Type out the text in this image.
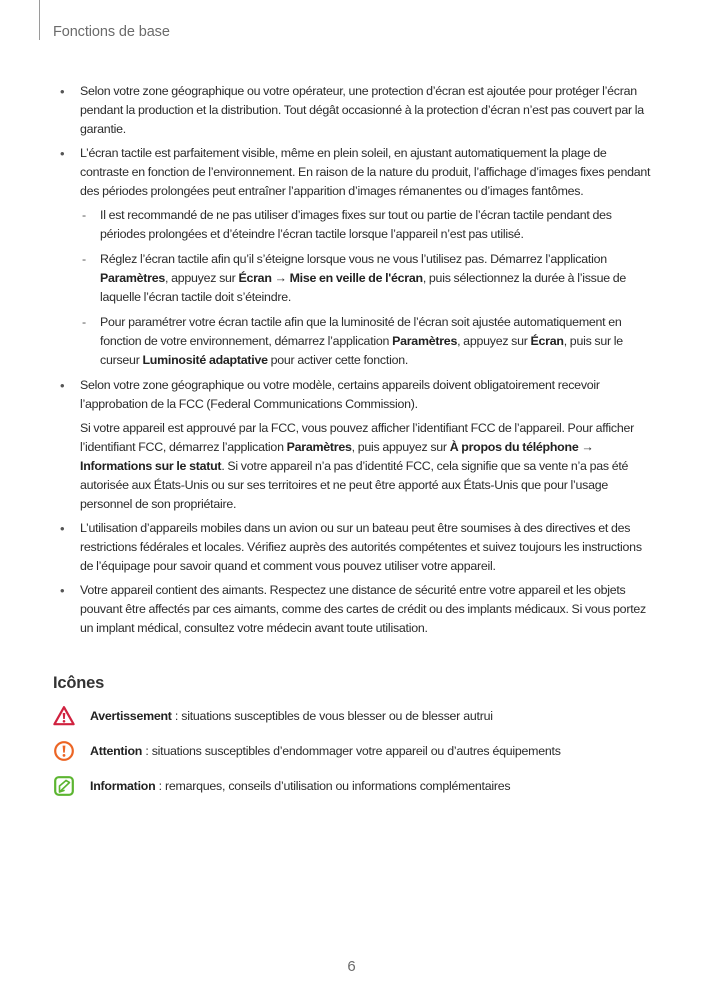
Fonctions de base
• Selon votre zone géographique ou votre opérateur, une protection d’écran est ajoutée pour protéger l’écran pendant la production et la distribution. Tout dégât occasionné à la protection d’écran n’est pas couvert par la garantie.

• L’écran tactile est parfaitement visible, même en plein soleil, en ajustant automatiquement la plage de contraste en fonction de l’environnement. En raison de la nature du produit, l’affichage d’images fixes pendant des périodes prolongées peut entraîner l’apparition d’images rémanentes ou d’images fantômes.

- Il est recommandé de ne pas utiliser d’images fixes sur tout ou partie de l’écran tactile pendant des périodes prolongées et d’éteindre l’écran tactile lorsque l’appareil n’est pas utilisé.

- Réglez l’écran tactile afin qu’il s’éteigne lorsque vous ne vous l’utilisez pas. Démarrez l’application Paramètres, appuyez sur Écran → Mise en veille de l'écran, puis sélectionnez la durée à l’issue de laquelle l’écran tactile doit s’éteindre.

- Pour paramétrer votre écran tactile afin que la luminosité de l’écran soit ajustée automatiquement en fonction de votre environnement, démarrez l’application Paramètres, appuyez sur Écran, puis sur le curseur Luminosité adaptative pour activer cette fonction.

• Selon votre zone géographique ou votre modèle, certains appareils doivent obligatoirement recevoir l’approbation de la FCC (Federal Communications Commission).

Si votre appareil est approuvé par la FCC, vous pouvez afficher l’identifiant FCC de l’appareil. Pour afficher l’identifiant FCC, démarrez l’application Paramètres, puis appuyez sur À propos du téléphone → Informations sur le statut. Si votre appareil n’a pas d’identité FCC, cela signifie que sa vente n’a pas été autorisée aux États-Unis ou sur ses territoires et ne peut être apporté aux États-Unis que pour l’usage personnel de son propriétaire.

• L’utilisation d’appareils mobiles dans un avion ou sur un bateau peut être soumises à des directives et des restrictions fédérales et locales. Vérifiez auprès des autorités compétentes et suivez toujours les instructions de l’équipage pour savoir quand et comment vous pouvez utiliser votre appareil.

• Votre appareil contient des aimants. Respectez une distance de sécurité entre votre appareil et les objets pouvant être affectés par ces aimants, comme des cartes de crédit ou des implants médicaux. Si vous portez un implant médical, consultez votre médecin avant toute utilisation.

Icônes
Avertissement : situations susceptibles de vous blesser ou de blesser autrui
Attention : situations susceptibles d’endommager votre appareil ou d’autres équipements
Information : remarques, conseils d’utilisation ou informations complémentaires
6
